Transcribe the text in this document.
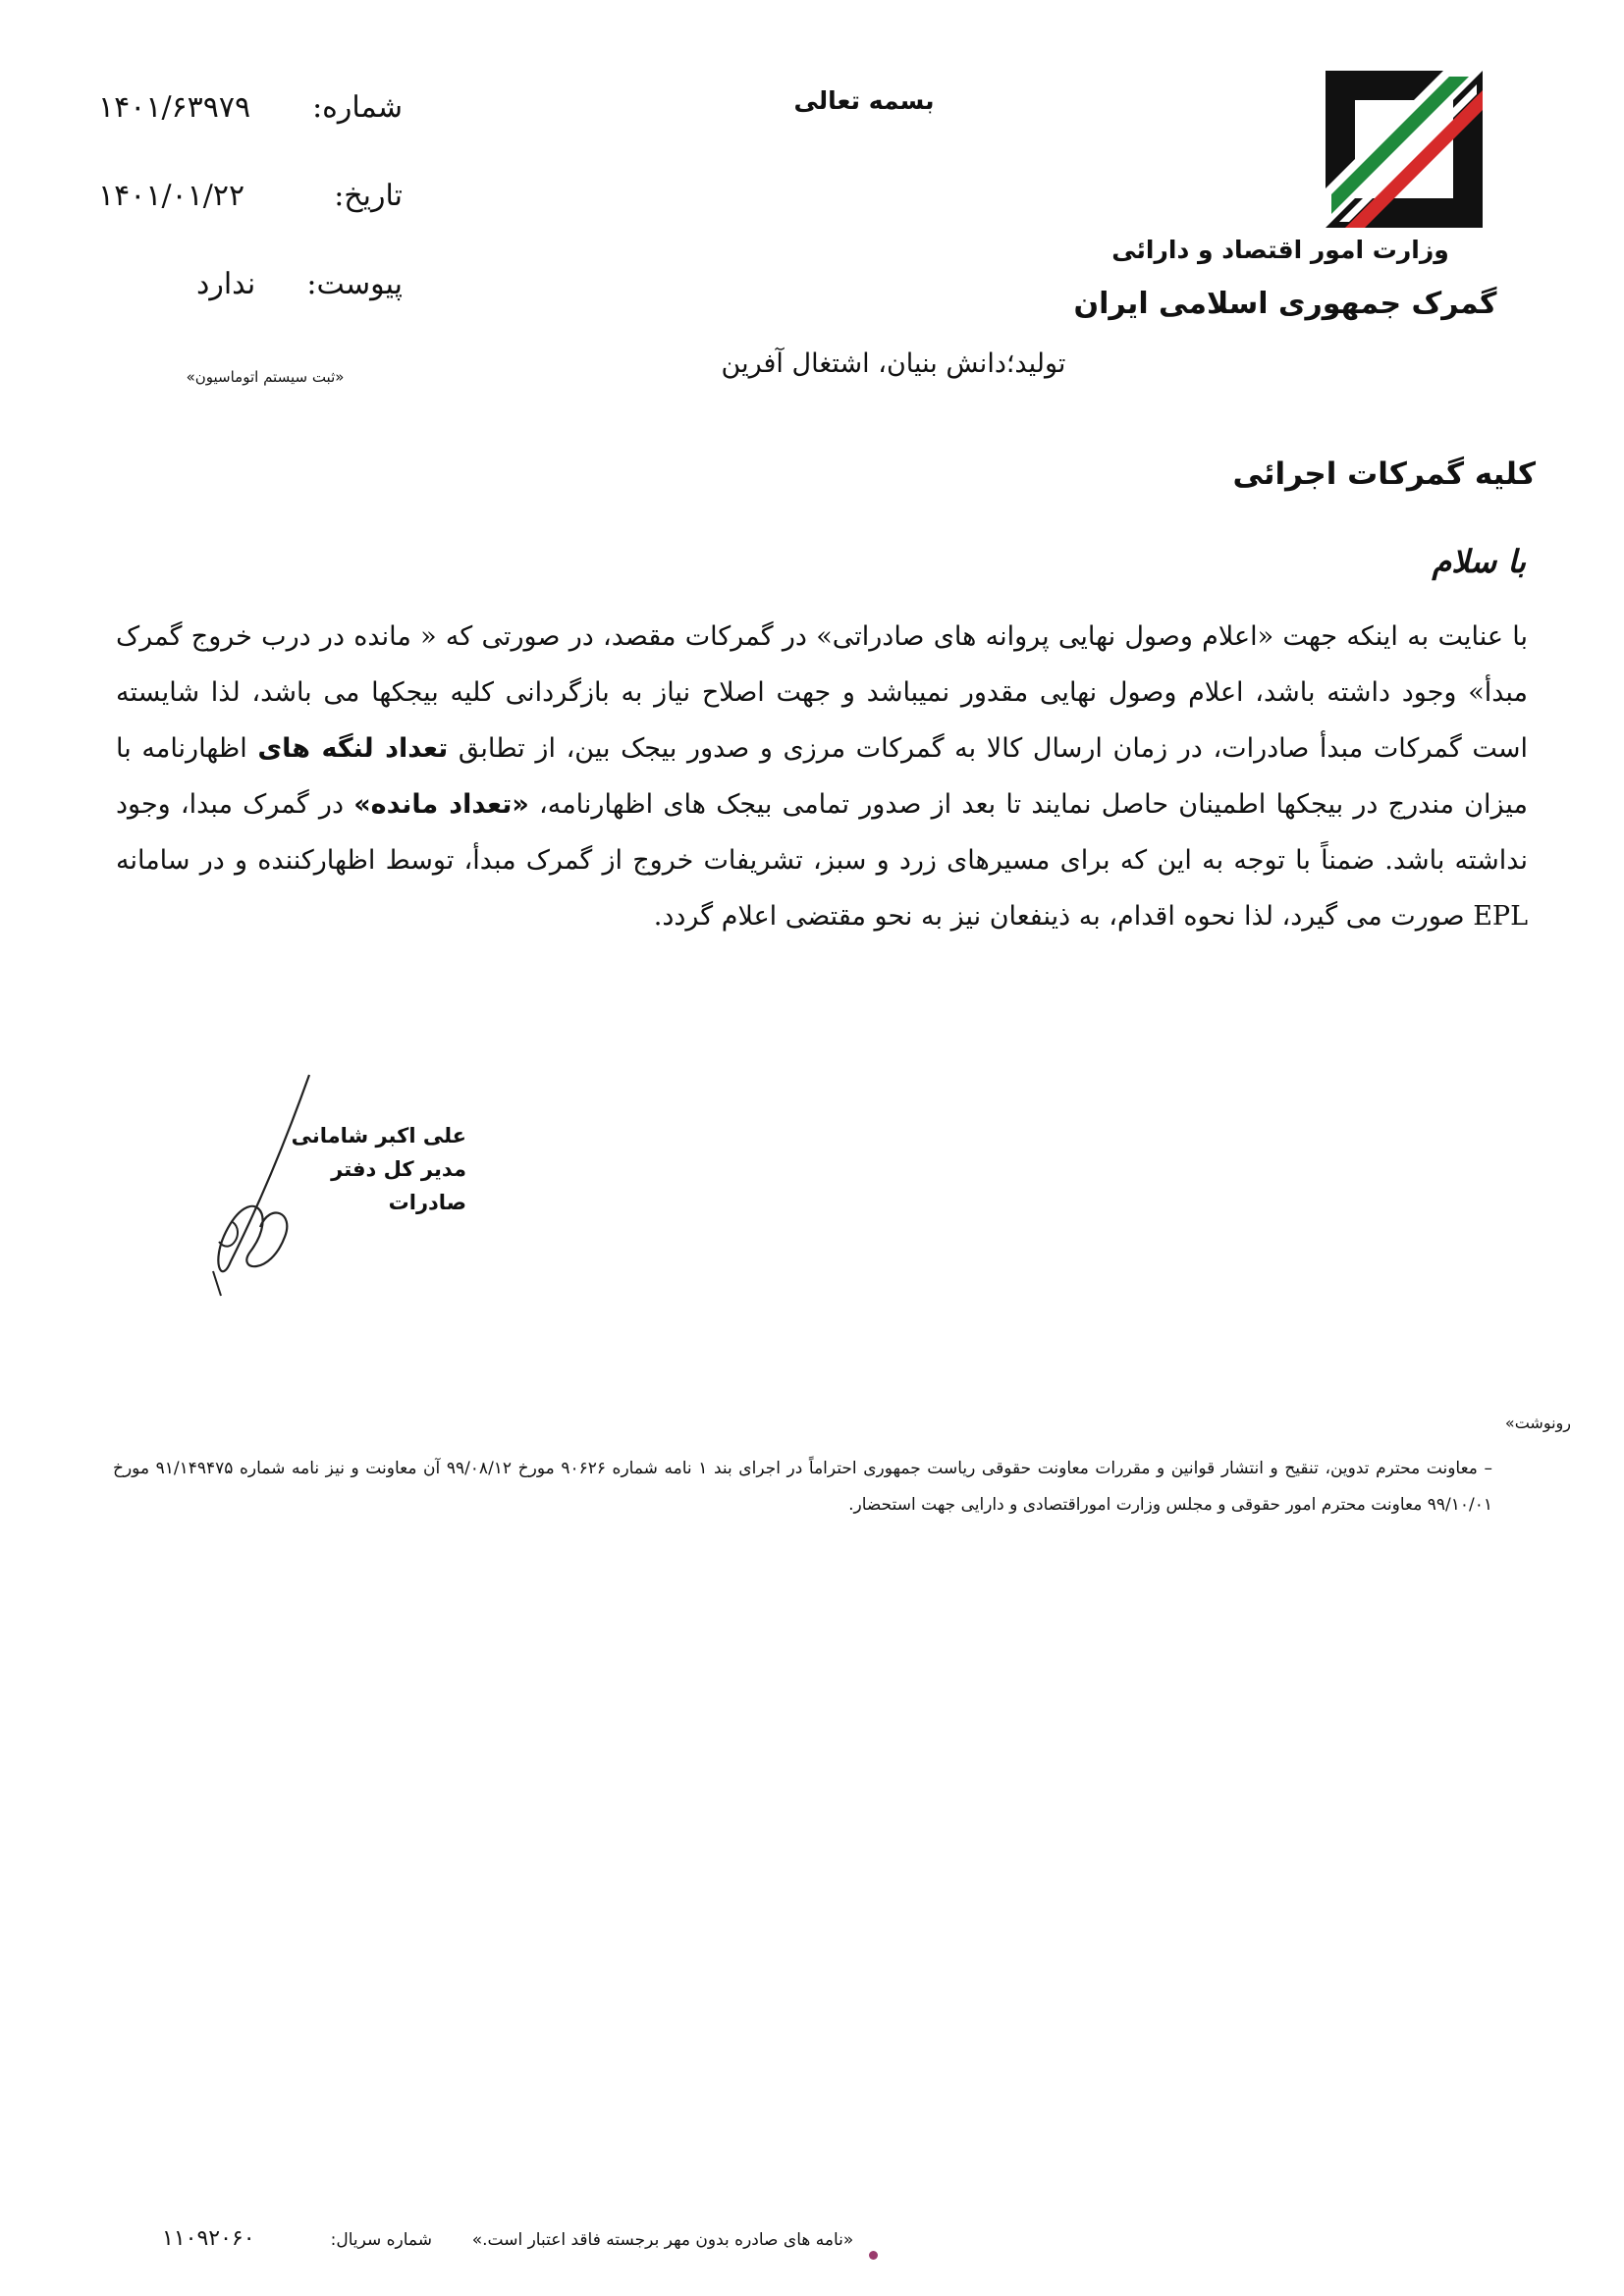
وزارت امور اقتصاد و دارائی
گمرک جمهوری اسلامی ایران
بسمه تعالی
تولید؛دانش بنیان، اشتغال آفرین
شماره:
۱۴۰۱/۶۳۹۷۹
تاریخ:
۱۴۰۱/۰۱/۲۲
پیوست:
ندارد
«ثبت سیستم اتوماسیون»
کلیه گمرکات اجرائی
با سلام
با عنایت به اینکه جهت «اعلام وصول نهایی پروانه های صادراتی» در گمرکات مقصد، در صورتی که « مانده در درب خروج گمرک مبدأ» وجود داشته باشد، اعلام وصول نهایی مقدور نمیباشد و جهت اصلاح نیاز به بازگردانی کلیه بیجکها می باشد، لذا شایسته است گمرکات مبدأ صادرات، در زمان ارسال کالا به گمرکات مرزی و صدور بیجک بین، از تطابق تعداد لنگه های اظهارنامه با میزان مندرج در بیجکها اطمینان حاصل نمایند تا بعد از صدور تمامی بیجک های اظهارنامه، «تعداد مانده» در گمرک مبدا، وجود نداشته باشد. ضمناً با توجه به این که برای مسیرهای زرد و سبز، تشریفات خروج از گمرک مبدأ، توسط اظهارکننده و در سامانه EPL صورت می گیرد، لذا نحوه اقدام، به ذینفعان نیز به نحو مقتضی اعلام گردد.
علی اکبر شامانی
مدیر کل دفتر صادرات
رونوشت»
– معاونت محترم تدوین، تنقیح و انتشار قوانین و مقررات معاونت حقوقی ریاست جمهوری احتراماً در اجرای بند ۱ نامه شماره ۹۰۶۲۶ مورخ ۹۹/۰۸/۱۲ آن معاونت و نیز نامه شماره ۹۱/۱۴۹۴۷۵ مورخ ۹۹/۱۰/۰۱ معاونت محترم امور حقوقی و مجلس وزارت اموراقتصادی و دارایی جهت استحضار.
«نامه های صادره بدون مهر برجسته فاقد اعتبار است.»
شماره سریال:
۱۱۰۹۲۰۶۰
